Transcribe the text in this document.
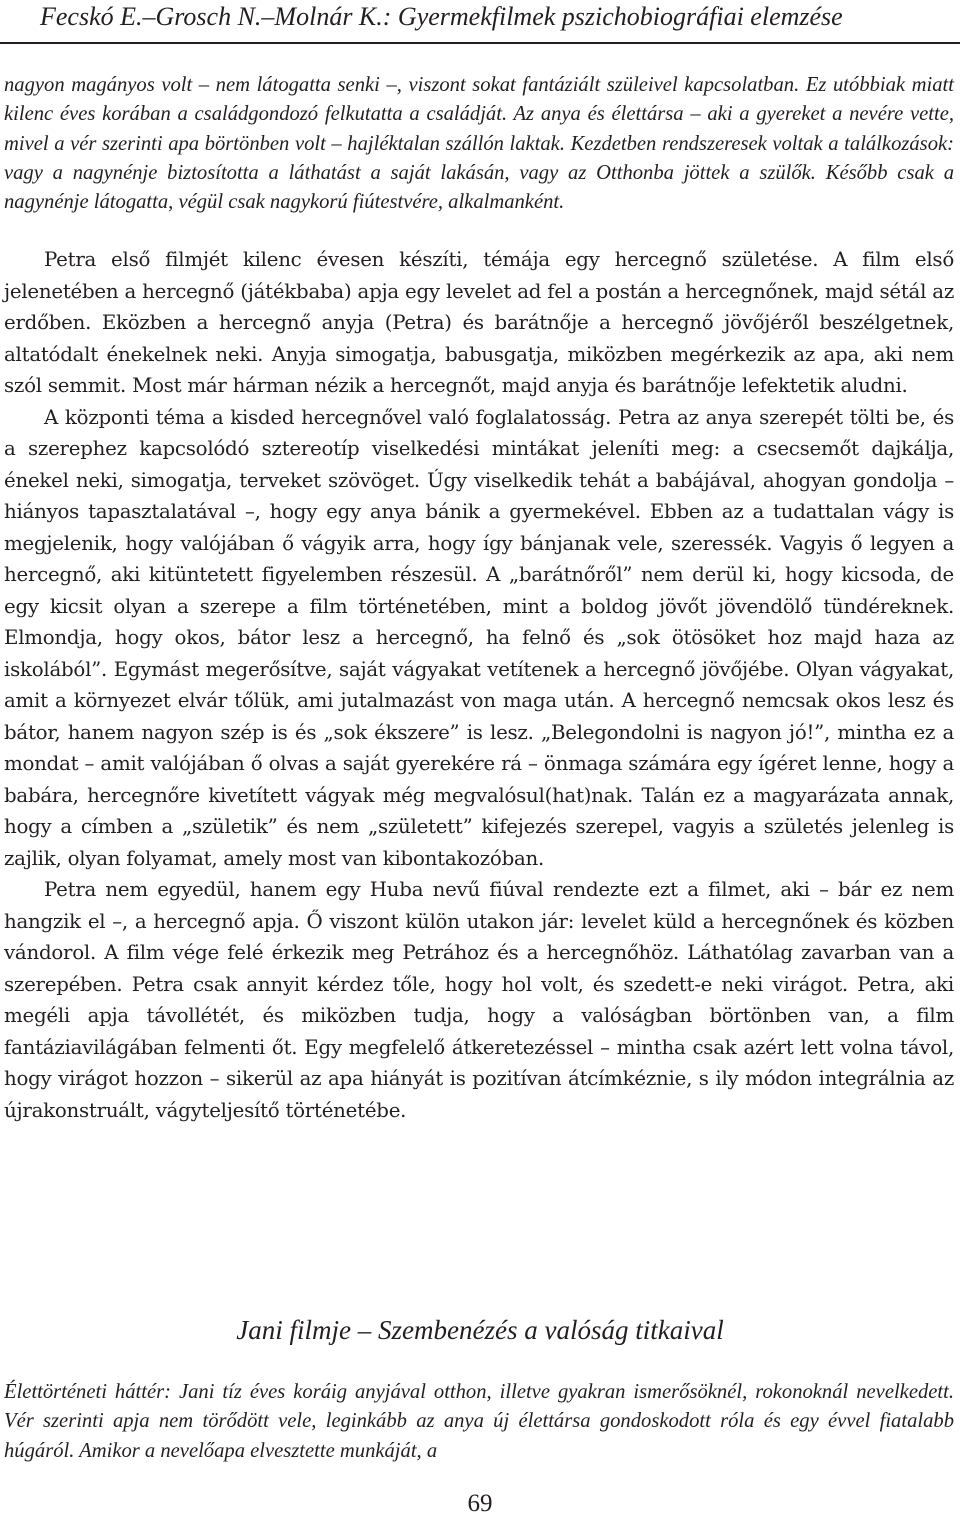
Fecskó E.–Grosch N.–Molnár K.: Gyermekfilmek pszichobiográfiai elemzése

nagyon magányos volt – nem látogatta senki –, viszont sokat fantáziált szüleivel kapcsolatban. Ez utóbbiak miatt kilenc éves korában a családgondozó felkutatta a családját. Az anya és élettársa – aki a gyereket a nevére vette, mivel a vér szerinti apa börtönben volt – hajléktalan szállón laktak. Kezdetben rendszeresek voltak a találkozások: vagy a nagynénje biztosította a láthatást a saját lakásán, vagy az Otthonba jöttek a szülők. Később csak a nagynénje látogatta, végül csak nagykorú fiútestvére, alkalmanként.

Petra első filmjét kilenc évesen készíti, témája egy hercegnő születése. A film első jelenetében a hercegnő (játékbaba) apja egy levelet ad fel a postán a hercegnőnek, majd sétál az erdőben. Eközben a hercegnő anyja (Petra) és barátnője a hercegnő jövőjéről beszélgetnek, altatódalt énekelnek neki. Anyja simogatja, babusgatja, miközben megérkezik az apa, aki nem szól semmit. Most már hárman nézik a hercegnőt, majd anyja és barátnője lefektetik aludni.

A központi téma a kisded hercegnővel való foglalatosság. Petra az anya szerepét tölti be, és a szerephez kapcsolódó sztereotíp viselkedési mintákat jeleníti meg: a csecsemőt dajkálja, énekel neki, simogatja, terveket szövöget. Úgy viselkedik tehát a babájával, ahogyan gondolja – hiányos tapasztalatával –, hogy egy anya bánik a gyermekével. Ebben az a tudattalan vágy is megjelenik, hogy valójában ő vágyik arra, hogy így bánjanak vele, szeressék. Vagyis ő legyen a hercegnő, aki kitüntetett figyelemben részesül. A „barátnőről” nem derül ki, hogy kicsoda, de egy kicsit olyan a szerepe a film történetében, mint a boldog jövőt jövendölő tündéreknek. Elmondja, hogy okos, bátor lesz a hercegnő, ha felnő és „sok ötösöket hoz majd haza az iskolából”. Egymást megerősítve, saját vágyakat vetítenek a hercegnő jövőjébe. Olyan vágyakat, amit a környezet elvár tőlük, ami jutalmazást von maga után. A hercegnő nemcsak okos lesz és bátor, hanem nagyon szép is és „sok ékszere” is lesz. „Belegondolni is nagyon jó!”, mintha ez a mondat – amit valójában ő olvas a saját gyerekére rá – önmaga számára egy ígéret lenne, hogy a babára, hercegnőre kivetített vágyak még megvalósul(hat)nak. Talán ez a magyarázata annak, hogy a címben a „születik” és nem „született” kifejezés szerepel, vagyis a születés jelenleg is zajlik, olyan folyamat, amely most van kibontakozóban.

Petra nem egyedül, hanem egy Huba nevű fiúval rendezte ezt a filmet, aki – bár ez nem hangzik el –, a hercegnő apja. Ő viszont külön utakon jár: levelet küld a hercegnőnek és közben vándorol. A film vége felé érkezik meg Petrához és a hercegnőhöz. Láthatólag zavarban van a szerepében. Petra csak annyit kérdez tőle, hogy hol volt, és szedett-e neki virágot. Petra, aki megéli apja távollétét, és miközben tudja, hogy a valóságban börtönben van, a film fantáziavilágában felmenti őt. Egy megfelelő átkeretezéssel – mintha csak azért lett volna távol, hogy virágot hozzon – sikerül az apa hiányát is pozitívan átcímkéznie, s ily módon integrálnia az újrakonstruált, vágyteljesítő történetébe.

Jani filmje – Szembenézés a valóság titkaival

Élettörténeti háttér: Jani tíz éves koráig anyjával otthon, illetve gyakran ismerősöknél, rokonoknál nevelkedett. Vér szerinti apja nem törődött vele, leginkább az anya új élettársa gondoskodott róla és egy évvel fiatalabb húgáról. Amikor a nevelőapa elvesztette munkáját, a

69
